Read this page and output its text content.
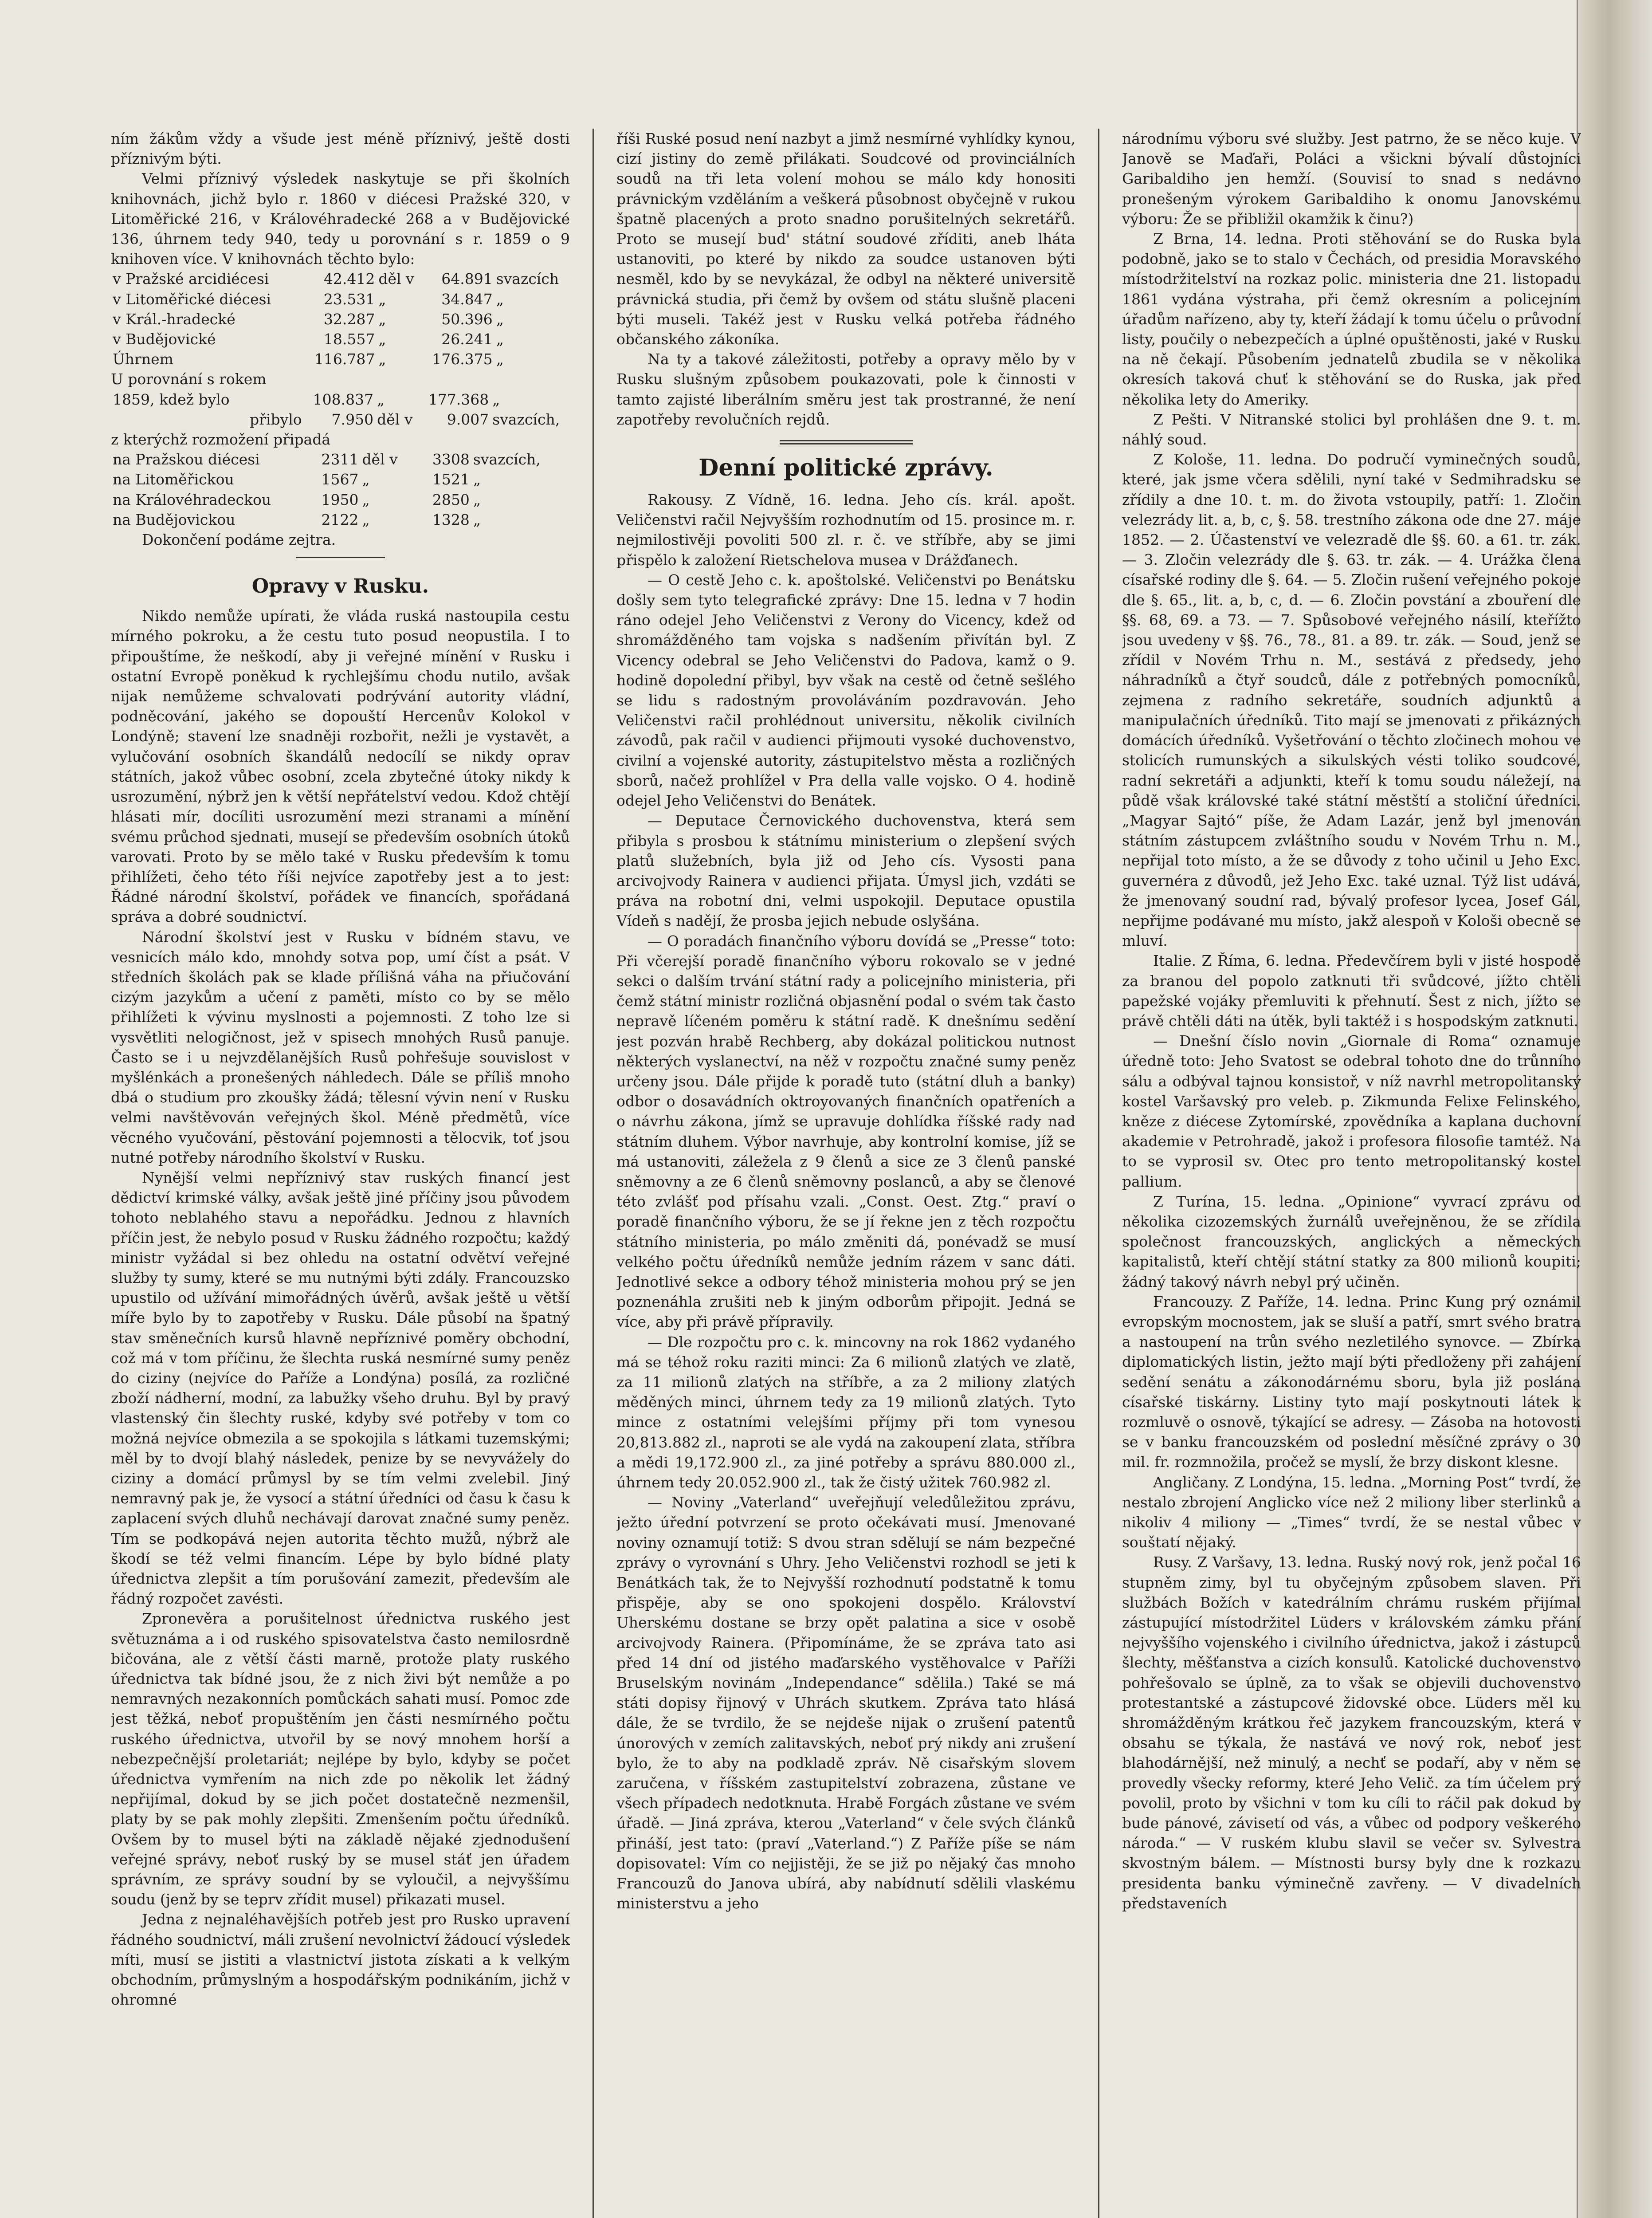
ním žákům vždy a všude jest méně příznivý, ještě dosti příznivým býti.

Velmi příznivý výsledek naskytuje se při školních knihovnách, jichž bylo r. 1860 v diécesi Pražské 320, v Litoměřické 216, v Královéhradecké 268 a v Budějovické 136, úhrnem tedy 940, tedy u porovnání s r. 1859 o 9 knihoven více. V knihovnách těchto bylo:

v Pražské arcidiécesi	42.412	děl v	64.891	svazcích
v Litoměřické diécesi	23.531	„	34.847	„
v Král.-hradecké	32.287	„	50.396	„
v Budějovické	18.557	„	26.241	„
Úhrnem	116.787	„	176.375	„

U porovnání s rokem

1859, kdež bylo	108.837	„	177.368	„
přibylo	7.950	děl v	9.007	svazcích,

z kterýchž rozmožení připadá

na Pražskou diécesi	2311	děl v	3308	svazcích,
na Litoměřickou	1567	„	1521	„
na Královéhradeckou	1950	„	2850	„
na Budějovickou	2122	„	1328	„

Dokončení podáme zejtra.

Opravy v Rusku.

Nikdo nemůže upírati, že vláda ruská nastoupila cestu mírného pokroku, a že cestu tuto posud neopustila. I to připouštíme, že neškodí, aby ji veřejné mínění v Rusku i ostatní Evropě poněkud k rychlejšímu chodu nutilo, avšak nijak nemůžeme schvalovati podrývání autority vládní, podněcování, jakého se dopouští Hercenův Kolokol v Londýně; stavení lze snadněji rozbořit, nežli je vystavět, a vylučování osobních škandálů nedocílí se nikdy oprav státních, jakož vůbec osobní, zcela zbytečné útoky nikdy k usrozumění, nýbrž jen k větší nepřátelství vedou. Kdož chtějí hlásati mír, docíliti usrozumění mezi stranami a mínění svému průchod sjednati, musejí se především osobních útoků varovati. Proto by se mělo také v Rusku především k tomu přihlížeti, čeho této říši nejvíce zapotřeby jest a to jest: Řádné národní školství, pořádek ve financích, spořádaná správa a dobré soudnictví.

Národní školství jest v Rusku v bídném stavu, ve vesnicích málo kdo, mnohdy sotva pop, umí číst a psát. V středních školách pak se klade přílišná váha na přiučování cizým jazykům a učení z paměti, místo co by se mělo přihlížeti k vývinu myslnosti a pojemnosti. Z toho lze si vysvětliti nelogičnost, jež v spisech mnohých Rusů panuje. Často se i u nejvzdělanějších Rusů pohřešuje souvislost v myšlénkách a pronešených náhledech. Dále se příliš mnoho dbá o studium pro zkoušky žádá; tělesní vývin není v Rusku velmi navštěvován veřejných škol. Méně předmětů, více věcného vyučování, pěstování pojemnosti a tělocvik, toť jsou nutné potřeby národního školství v Rusku.

Nynější velmi nepříznivý stav ruských financí jest dědictví krimské války, avšak ještě jiné příčiny jsou původem tohoto neblahého stavu a nepořádku. Jednou z hlavních příčin jest, že nebylo posud v Rusku žádného rozpočtu; každý ministr vyžádal si bez ohledu na ostatní odvětví veřejné služby ty sumy, které se mu nutnými býti zdály. Francouzsko upustilo od užívání mimořádných úvěrů, avšak ještě u větší míře bylo by to zapotřeby v Rusku. Dále působí na špatný stav směnečních kursů hlavně nepříznivé poměry obchodní, což má v tom příčinu, že šlechta ruská nesmírné sumy peněz do ciziny (nejvíce do Paříže a Londýna) posílá, za rozličné zboží nádherní, modní, za labužky všeho druhu. Byl by pravý vlastenský čin šlechty ruské, kdyby své potřeby v tom co možná nejvíce obmezila a se spokojila s látkami tuzemskými; měl by to dvojí blahý následek, penize by se nevyvážely do ciziny a domácí průmysl by se tím velmi zvelebil. Jiný nemravný pak je, že vysocí a státní úředníci od času k času k zaplacení svých dluhů nechávají darovat značné sumy peněz. Tím se podkopává nejen autorita těchto mužů, nýbrž ale škodí se též velmi financím. Lépe by bylo bídné platy úřednictva zlepšit a tím porušování zamezit, především ale řádný rozpočet zavésti.

Zpronevěra a porušitelnost úřednictva ruského jest světuznáma a i od ruského spisovatelstva často nemilosrdně bičována, ale z větší části marně, protože platy ruského úřednictva tak bídné jsou, že z nich živi být nemůže a po nemravných nezakonních pomůckách sahati musí. Pomoc zde jest těžká, neboť propuštěním jen části nesmírného počtu ruského úřednictva, utvořil by se nový mnohem horší a nebezpečnější proletariát; nejlépe by bylo, kdyby se počet úřednictva vymřením na nich zde po několik let žádný nepřijímal, dokud by se jich počet dostatečně nezmenšil, platy by se pak mohly zlepšiti. Zmenšením počtu úředníků. Ovšem by to musel býti na základě nějaké zjednodušení veřejné správy, neboť ruský by se musel stáť jen úřadem správním, ze správy soudní by se vyloučil, a nejvyššímu soudu (jenž by se teprv zřídit musel) přikazati musel.

Jedna z nejnaléhavějších potřeb jest pro Rusko upravení řádného soudnictví, máli zrušení nevolnictví žádoucí výsledek míti, musí se jistiti a vlastnictví jistota získati a k velkým obchodním, průmyslným a hospodářským podnikáním, jichž v ohromné

říši Ruské posud není nazbyt a jimž nesmírné vyhlídky kynou, cizí jistiny do země přilákati. Soudcové od provinciálních soudů na tři leta volení mohou se málo kdy honositi právnickým vzděláním a veškerá působnost obyčejně v rukou špatně placených a proto snadno porušitelných sekretářů. Proto se musejí bud' státní soudové zříditi, aneb lháta ustanoviti, po které by nikdo za soudce ustanoven býti nesměl, kdo by se nevykázal, že odbyl na některé universitě právnická studia, při čemž by ovšem od státu slušně placeni býti museli. Takéž jest v Rusku velká potřeba řádného občanského zákoníka.

Na ty a takové záležitosti, potřeby a opravy mělo by v Rusku slušným způsobem poukazovati, pole k činnosti v tamto zajisté liberálním směru jest tak prostranné, že není zapotřeby revolučních rejdů.

Denní politické zprávy.

Rakousy. Z Vídně, 16. ledna. Jeho cís. král. apošt. Veličenstvi račil Nejvyšším rozhodnutím od 15. prosince m. r. nejmilostivěji povoliti 500 zl. r. č. ve stříbře, aby se jimi přispělo k založení Rietschelova musea v Drážďanech.

— O cestě Jeho c. k. apoštolské. Veličenstvi po Benátsku došly sem tyto telegrafické zprávy: Dne 15. ledna v 7 hodin ráno odejel Jeho Veličenstvi z Verony do Vicency, kdež od shromážděného tam vojska s nadšením přivítán byl. Z Vicency odebral se Jeho Veličenstvi do Padova, kamž o 9. hodině dopolední přibyl, byv však na cestě od četně sešlého se lidu s radostným provoláváním pozdravován. Jeho Veličenstvi račil prohlédnout universitu, několik civilních závodů, pak račil v audienci přijmouti vysoké duchovenstvo, civilní a vojenské autority, zástupitelstvo města a rozličných sborů, načež prohlížel v Pra della valle vojsko. O 4. hodině odejel Jeho Veličenstvi do Benátek.

— Deputace Černovického duchovenstva, která sem přibyla s prosbou k státnímu ministerium o zlepšení svých platů služebních, byla již od Jeho cís. Vysosti pana arcivojvody Rainera v audienci přijata. Úmysl jich, vzdáti se práva na robotní dni, velmi uspokojil. Deputace opustila Vídeň s nadějí, že prosba jejich nebude oslyšána.

— O poradách finančního výboru dovídá se „Presse“ toto: Při včerejší poradě finančního výboru rokovalo se v jedné sekci o dalším trvání státní rady a policejního ministeria, při čemž státní ministr rozličná objasnění podal o svém tak často nepravě líčeném poměru k státní radě. K dnešnímu sedění jest pozván hrabě Rechberg, aby dokázal politickou nutnost některých vyslanectví, na něž v rozpočtu značné sumy peněz určeny jsou. Dále přijde k poradě tuto (státní dluh a banky) odbor o dosavádních oktroyovaných finančních opatřeních a o návrhu zákona, jímž se upravuje dohlídka říšské rady nad státním dluhem. Výbor navrhuje, aby kontrolní komise, jíž se má ustanoviti, záležela z 9 členů a sice ze 3 členů panské sněmovny a ze 6 členů sněmovny poslanců, a aby se členové této zvlášť pod přísahu vzali. „Const. Oest. Ztg.“ praví o poradě finančního výboru, že se jí řekne jen z těch rozpočtu státního ministeria, po málo změniti dá, ponévadž se musí velkého počtu úředníků nemůže jedním rázem v sanc dáti. Jednotlivé sekce a odbory téhož ministeria mohou prý se jen poznenáhla zrušiti neb k jiným odborům připojit. Jedná se více, aby při právě přípravily.

— Dle rozpočtu pro c. k. mincovny na rok 1862 vydaného má se téhož roku raziti minci: Za 6 milionů zlatých ve zlatě, za 11 milionů zlatých na stříbře, a za 2 miliony zlatých měděných minci, úhrnem tedy za 19 milionů zlatých. Tyto mince z ostatními velejšími příjmy při tom vynesou 20,813.882 zl., naproti se ale vydá na zakoupení zlata, stříbra a mědi 19,172.900 zl., za jiné potřeby a správu 880.000 zl., úhrnem tedy 20.052.900 zl., tak že čistý užitek 760.982 zl.

— Noviny „Vaterland“ uveřejňují veledůležitou zprávu, ježto úřední potvrzení se proto očekávati musí. Jmenované noviny oznamují totiž: S dvou stran sdělují se nám bezpečné zprávy o vyrovnání s Uhry. Jeho Veličenstvi rozhodl se jeti k Benátkách tak, že to Nejvyšší rozhodnutí podstatně k tomu přispěje, aby se ono spokojeni dospělo. Království Uherskému dostane se brzy opět palatina a sice v osobě arcivojvody Rainera. (Připomínáme, že se zpráva tato asi před 14 dní od jistého maďarského vystěhovalce v Paříži Bruselským novinám „Independance“ sdělila.) Také se má státi dopisy řijnový v Uhrách skutkem. Zpráva tato hlásá dále, že se tvrdilo, že se nejdeše nijak o zrušení patentů únorových v zemích zalitavských, neboť prý nikdy ani zrušení bylo, že to aby na podkladě zpráv. Ně cisařským slovem zaručena, v říšském zastupitelství zobrazena, zůstane ve všech případech nedotknuta. Hrabě Forgách zůstane ve svém úřadě. — Jiná zpráva, kterou „Vaterland“ v čele svých článků přináší, jest tato: (praví „Vaterland.“) Z Paříže píše se nám dopisovatel: Vím co nejjistěji, že se již po nějaký čas mnoho Francouzů do Janova ubírá, aby nabídnutí sdělili vlaskému ministerstvu a jeho

národnímu výboru své služby. Jest patrno, že se něco kuje. V Janově se Maďaři, Poláci a všickni bývalí důstojníci Garibaldiho jen hemží. (Souvisí to snad s nedávno pronešeným výrokem Garibaldiho k onomu Janovskému výboru: Že se přibližil okamžik k činu?)

Z Brna, 14. ledna. Proti stěhování se do Ruska byla podobně, jako se to stalo v Čechách, od presidia Moravského místodržitelství na rozkaz polic. ministeria dne 21. listopadu 1861 vydána výstraha, při čemž okresním a policejním úřadům nařízeno, aby ty, kteří žádají k tomu účelu o průvodní listy, poučily o nebezpečích a úplné opuštěnosti, jaké v Rusku na ně čekají. Působením jednatelů zbudila se v několika okresích taková chuť k stěhování se do Ruska, jak před několika lety do Ameriky.

Z Pešti. V Nitranské stolici byl prohlášen dne 9. t. m. náhlý soud.

Z Kološe, 11. ledna. Do područí vyminečných soudů, které, jak jsme včera sdělili, nyní také v Sedmihradsku se zřídily a dne 10. t. m. do života vstoupily, patří: 1. Zločin velezrády lit. a, b, c, §. 58. trestního zákona ode dne 27. máje 1852. — 2. Účastenství ve velezradě dle §§. 60. a 61. tr. zák. — 3. Zločin velezrády dle §. 63. tr. zák. — 4. Urážka člena císařské rodiny dle §. 64. — 5. Zločin rušení veřejného pokoje dle §. 65., lit. a, b, c, d. — 6. Zločin povstání a zbouření dle §§. 68, 69. a 73. — 7. Spůsobové veřejného násilí, kteřížto jsou uvedeny v §§. 76., 78., 81. a 89. tr. zák. — Soud, jenž se zřídil v Novém Trhu n. M., sestává z předsedy, jeho náhradníků a čtyř soudců, dále z potřebných pomocníků, zejmena z radního sekretáře, soudních adjunktů a manipulačních úředníků. Tito mají se jmenovati z přikázných domácích úředníků. Vyšetřování o těchto zločinech mohou ve stolicích rumunských a sikulských vésti toliko soudcové, radní sekretáři a adjunkti, kteří k tomu soudu náležejí, na půdě však královské také státní městští a stoliční úředníci. „Magyar Sajtó“ píše, že Adam Lazár, jenž byl jmenován státním zástupcem zvláštního soudu v Novém Trhu n. M., nepřijal toto místo, a že se důvody z toho učinil u Jeho Exc. guvernéra z důvodů, jež Jeho Exc. také uznal. Týž list udává, že jmenovaný soudní rad, bývalý profesor lycea, Josef Gál, nepřijme podávané mu místo, jakž alespoň v Kološi obecně se mluví.

Italie. Z Říma, 6. ledna. Předevčírem byli v jisté hospodě za branou del popolo zatknuti tři svůdcové, jížto chtěli papežské vojáky přemluviti k přehnutí. Šest z nich, jížto se právě chtěli dáti na útěk, byli taktéž i s hospodským zatknuti.

— Dnešní číslo novin „Giornale di Roma“ oznamuje úředně toto: Jeho Svatost se odebral tohoto dne do trůnního sálu a odbýval tajnou konsistoř, v níž navrhl metropolitanský kostel Varšavský pro veleb. p. Zikmunda Felixe Felinského, kněze z diécese Zytomírské, zpovědníka a kaplana duchovní akademie v Petrohradě, jakož i profesora filosofie tamtéž. Na to se vyprosil sv. Otec pro tento metropolitanský kostel pallium.

Z Turína, 15. ledna. „Opinione“ vyvrací zprávu od několika cizozemských žurnálů uveřejněnou, že se zřídila společnost francouzských, anglických a německých kapitalistů, kteří chtějí státní statky za 800 milionů koupiti; žádný takový návrh nebyl prý učiněn.

Francouzy. Z Paříže, 14. ledna. Princ Kung prý oznámil evropským mocnostem, jak se sluší a patří, smrt svého bratra a nastoupení na trůn svého nezletilého synovce. — Zbírka diplomatických listin, ježto mají býti předloženy při zahájení sedění senátu a zákonodárnému sboru, byla již poslána císařské tiskárny. Listiny tyto mají poskytnouti látek k rozmluvě o osnově, týkající se adresy. — Zásoba na hotovosti se v banku francouzském od poslední měsíčné zprávy o 30 mil. fr. rozmnožila, pročež se myslí, že brzy diskont klesne.

Angličany. Z Londýna, 15. ledna. „Morning Post“ tvrdí, že nestalo zbrojení Anglicko více než 2 miliony liber sterlinků a nikoliv 4 miliony — „Times“ tvrdí, že se nestal vůbec v souštatí nějaký.

Rusy. Z Varšavy, 13. ledna. Ruský nový rok, jenž počal 16 stupněm zimy, byl tu obyčejným způsobem slaven. Při službách Božích v katedrálním chrámu ruském přijímal zástupující místodržitel Lüders v královském zámku přání nejvyššího vojenského i civilního úřednictva, jakož i zástupců šlechty, měšťanstva a cizích konsulů. Katolické duchovenstvo pohřešovalo se úplně, za to však se objevili duchovenstvo protestantské a zástupcové židovské obce. Lüders měl ku shromážděným krátkou řeč jazykem francouzským, která v obsahu se týkala, že nastává ve nový rok, neboť jest blahodárnější, než minulý, a nechť se podaří, aby v něm se provedly všecky reformy, které Jeho Velič. za tím účelem prý povolil, proto by všichni v tom ku cíli to ráčil pak dokud by bude pánové, závisetí od vás, a vůbec od podpory veškerého národa.“ — V ruském klubu slavil se večer sv. Sylvestra skvostným bálem. — Místnosti bursy byly dne k rozkazu presidenta banku výminečně zavřeny. — V divadelních představeních
